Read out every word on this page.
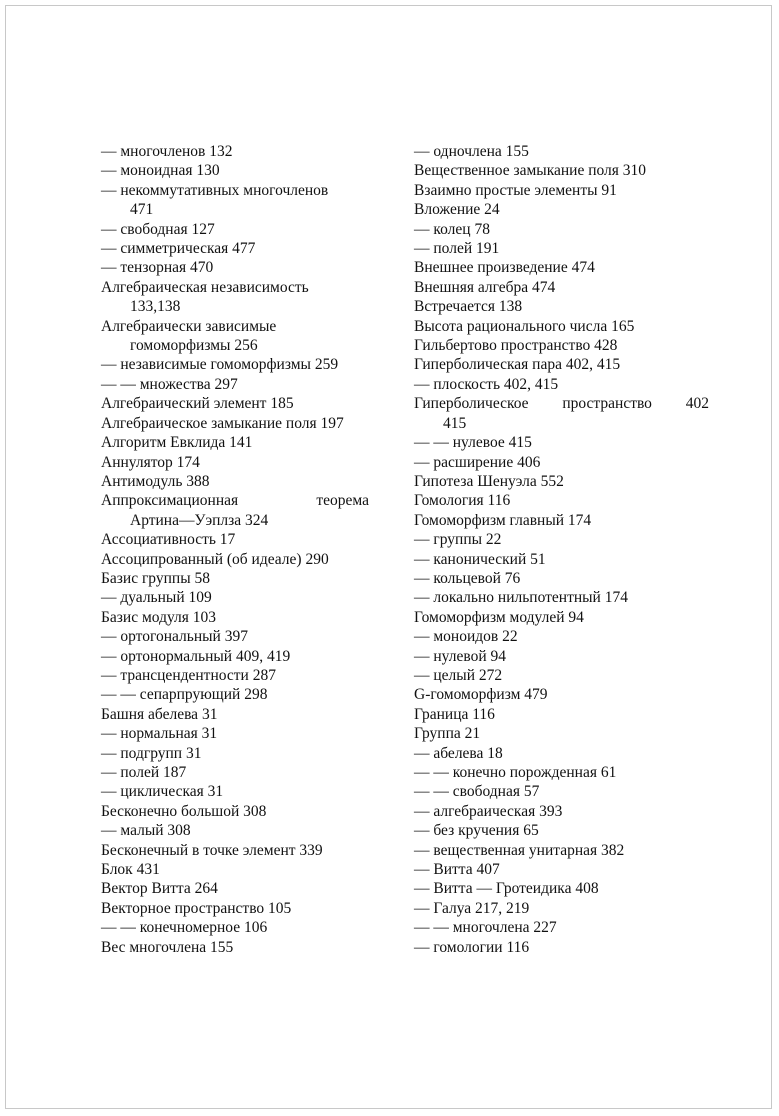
— многочленов 132
— моноидная 130
— некоммутативных многочленов
471
— свободная 127
— симметрическая 477
— тензорная 470
Алгебраическая независимость
133,138
Алгебраически зависимые
гомоморфизмы 256
— независимые гомоморфизмы 259
— — множества 297
Алгебраический элемент 185
Алгебраическое замыкание поля 197
Алгоритм Евклида 141
Аннулятор 174
Антимодуль 388
Аппроксимационная теорема
Артина—Уэплза 324
Ассоциативность 17
Ассоципрованный (об идеале) 290
Базис группы 58
— дуальный 109
Базис модуля 103
— ортогональный 397
— ортонормальный 409, 419
— трансцендентности 287
— — сепарпрующий 298
Башня абелева 31
— нормальная 31
— подгрупп 31
— полей 187
— циклическая 31
Бесконечно большой 308
— малый 308
Бесконечный в точке элемент 339
Блок 431
Вектор Витта 264
Векторное пространство 105
— — конечномерное 106
Вес многочлена 155
— одночлена 155
Вещественное замыкание поля 310
Взаимно простые элементы 91
Вложение 24
— колец 78
— полей 191
Внешнее произведение 474
Внешняя алгебра 474
Встречается 138
Высота рационального числа 165
Гильбертово пространство 428
Гиперболическая пара 402, 415
— плоскость 402, 415
Гиперболическое пространство 402
415
— — нулевое 415
— расширение 406
Гипотеза Шенуэла 552
Гомология 116
Гомоморфизм главный 174
— группы 22
— канонический 51
— кольцевой 76
— локально нильпотентный 174
Гомоморфизм модулей 94
— моноидов 22
— нулевой 94
— целый 272
G-гомоморфизм 479
Граница 116
Группа 21
— абелева 18
— — конечно порожденная 61
— — свободная 57
— алгебраическая 393
— без кручения 65
— вещественная унитарная 382
— Витта 407
— Витта — Гротеидика 408
— Галуа 217, 219
— — многочлена 227
— гомологии 116
